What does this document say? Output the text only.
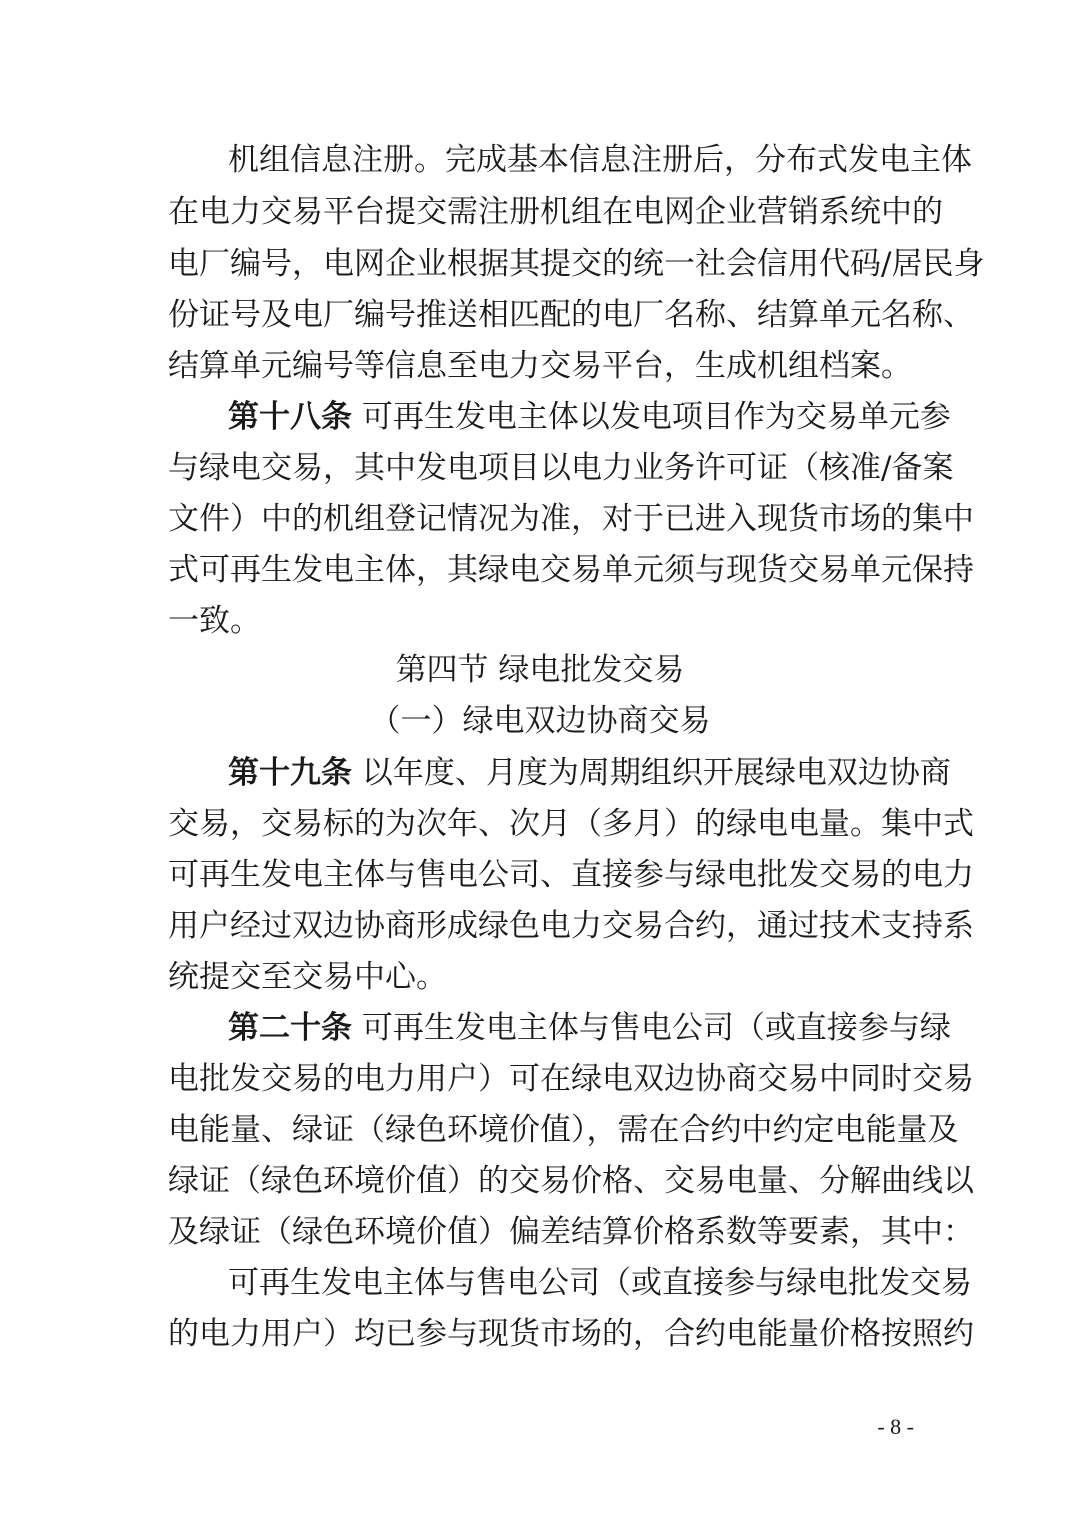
机组信息注册。完成基本信息注册后，分布式发电主体
在电力交易平台提交需注册机组在电网企业营销系统中的
电厂编号，电网企业根据其提交的统一社会信用代码/居民身
份证号及电厂编号推送相匹配的电厂名称、结算单元名称、
结算单元编号等信息至电力交易平台，生成机组档案。
第十八条 可再生发电主体以发电项目作为交易单元参
与绿电交易，其中发电项目以电力业务许可证（核准/备案
文件）中的机组登记情况为准，对于已进入现货市场的集中
式可再生发电主体，其绿电交易单元须与现货交易单元保持
一致。
第四节 绿电批发交易
（一）绿电双边协商交易
第十九条 以年度、月度为周期组织开展绿电双边协商
交易，交易标的为次年、次月（多月）的绿电电量。集中式
可再生发电主体与售电公司、直接参与绿电批发交易的电力
用户经过双边协商形成绿色电力交易合约，通过技术支持系
统提交至交易中心。
第二十条 可再生发电主体与售电公司（或直接参与绿
电批发交易的电力用户）可在绿电双边协商交易中同时交易
电能量、绿证（绿色环境价值），需在合约中约定电能量及
绿证（绿色环境价值）的交易价格、交易电量、分解曲线以
及绿证（绿色环境价值）偏差结算价格系数等要素，其中：
可再生发电主体与售电公司（或直接参与绿电批发交易
的电力用户）均已参与现货市场的，合约电能量价格按照约
- 8 -
